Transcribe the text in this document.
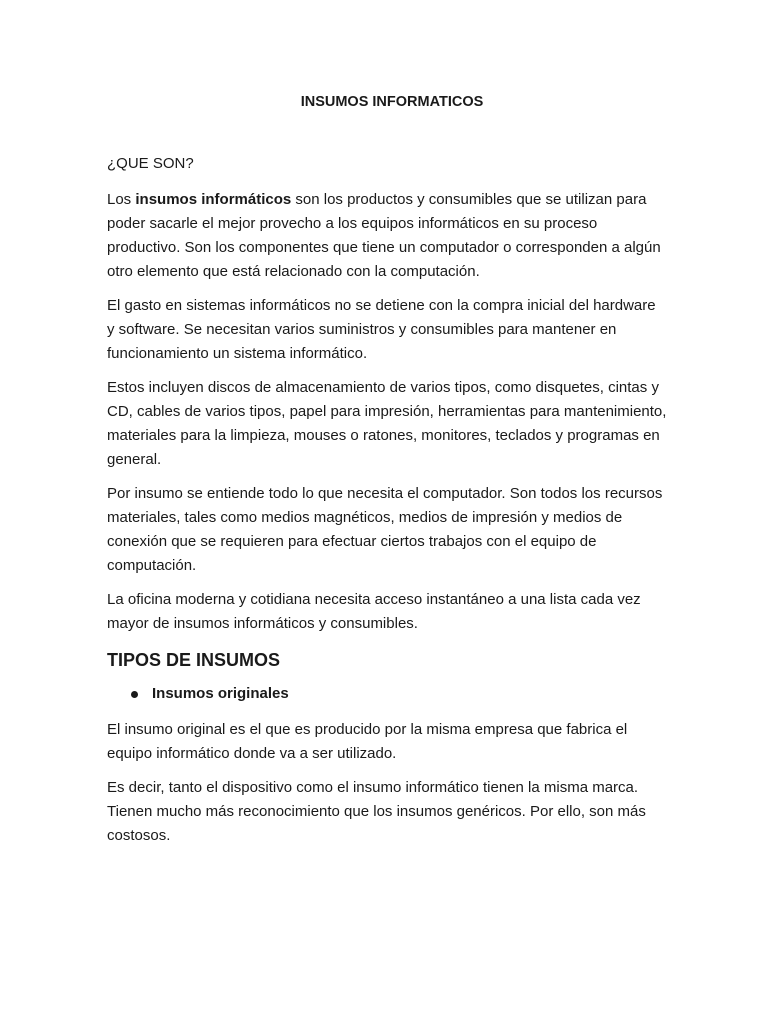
INSUMOS INFORMATICOS

¿QUE SON?

Los insumos informáticos son los productos y consumibles que se utilizan para poder sacarle el mejor provecho a los equipos informáticos en su proceso productivo. Son los componentes que tiene un computador o corresponden a algún otro elemento que está relacionado con la computación.

El gasto en sistemas informáticos no se detiene con la compra inicial del hardware y software. Se necesitan varios suministros y consumibles para mantener en funcionamiento un sistema informático.

Estos incluyen discos de almacenamiento de varios tipos, como disquetes, cintas y CD, cables de varios tipos, papel para impresión, herramientas para mantenimiento, materiales para la limpieza, mouses o ratones, monitores, teclados y programas en general.

Por insumo se entiende todo lo que necesita el computador. Son todos los recursos materiales, tales como medios magnéticos, medios de impresión y medios de conexión que se requieren para efectuar ciertos trabajos con el equipo de computación.

La oficina moderna y cotidiana necesita acceso instantáneo a una lista cada vez mayor de insumos informáticos y consumibles.

TIPOS DE INSUMOS
Insumos originales

El insumo original es el que es producido por la misma empresa que fabrica el equipo informático donde va a ser utilizado.

Es decir, tanto el dispositivo como el insumo informático tienen la misma marca. Tienen mucho más reconocimiento que los insumos genéricos. Por ello, son más costosos.
